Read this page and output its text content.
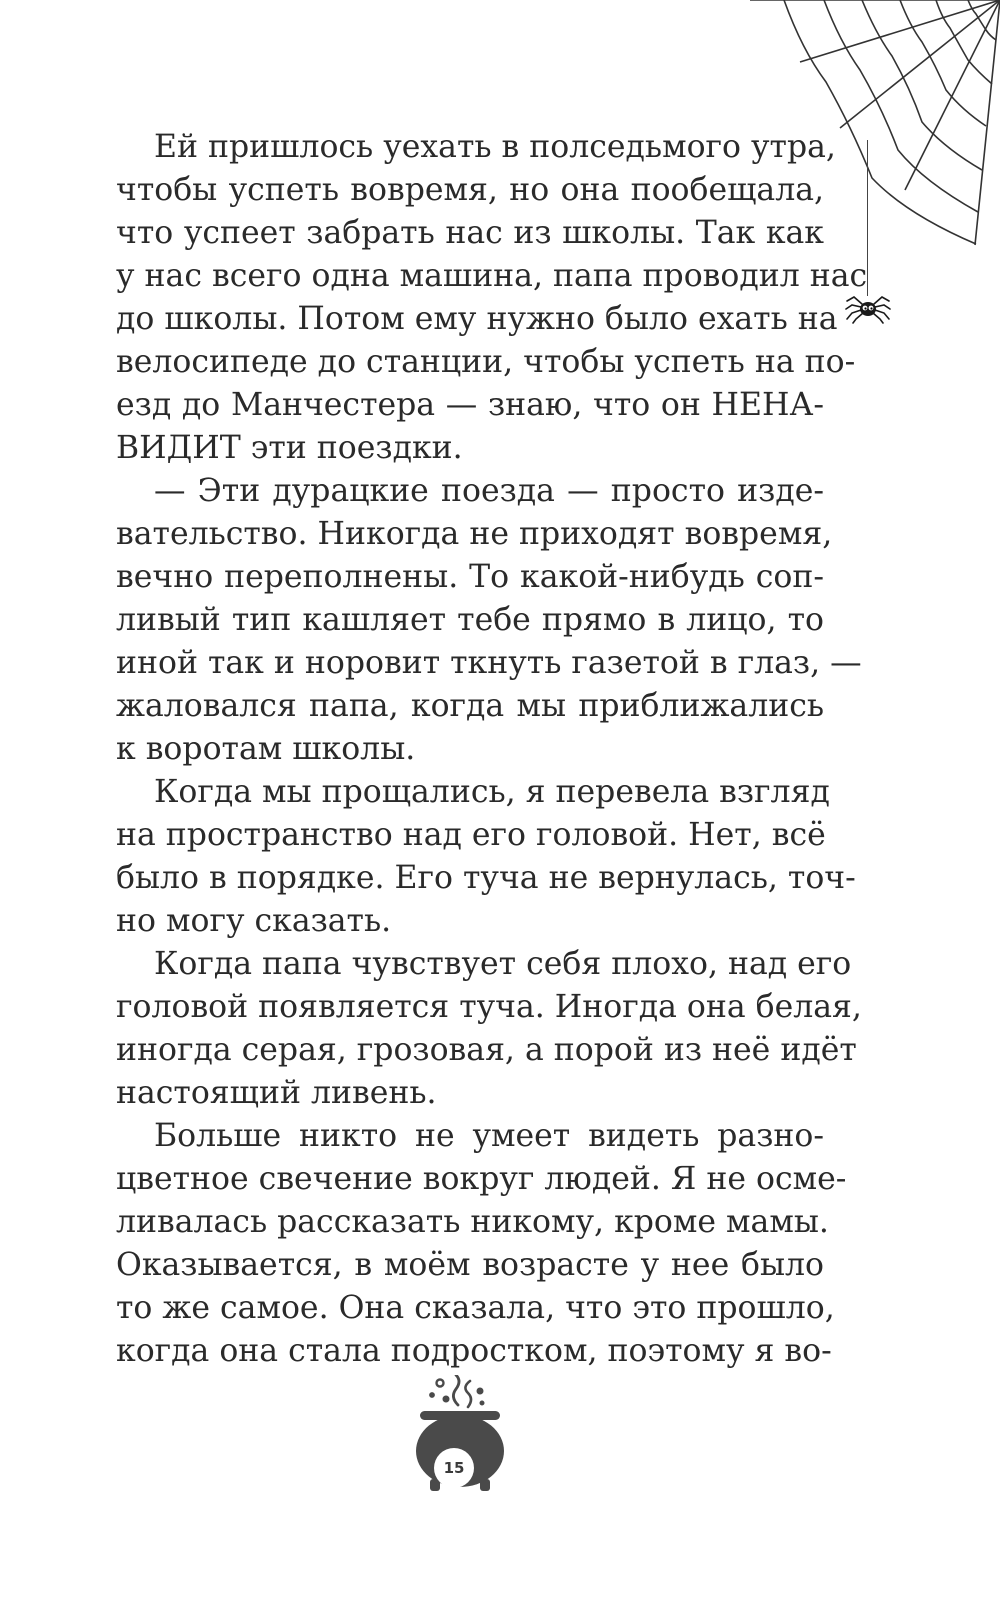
Ей пришлось уехать в полседьмого утра,
чтобы успеть вовремя, но она пообещала,
что успеет забрать нас из школы. Так как
у нас всего одна машина, папа проводил нас
до школы. Потом ему нужно было ехать на
велосипеде до станции, чтобы успеть на по-
езд до Манчестера — знаю, что он НЕНА-
ВИДИТ эти поездки.
— Эти дурацкие поезда — просто изде-
вательство. Никогда не приходят вовремя,
вечно переполнены. То какой-нибудь соп-
ливый тип кашляет тебе прямо в лицо, то
иной так и норовит ткнуть газетой в глаз, —
жаловался папа, когда мы приближались
к воротам школы.
Когда мы прощались, я перевела взгляд
на пространство над его головой. Нет, всё
было в порядке. Его туча не вернулась, точ-
но могу сказать.
Когда папа чувствует себя плохо, над его
головой появляется туча. Иногда она белая,
иногда серая, грозовая, а порой из неё идёт
настоящий ливень.
Больше никто не умеет видеть разно-
цветное свечение вокруг людей. Я не осме-
ливалась рассказать никому, кроме мамы.
Оказывается, в моём возрасте у нее было
то же самое. Она сказала, что это прошло,
когда она стала подростком, поэтому я во-
15
